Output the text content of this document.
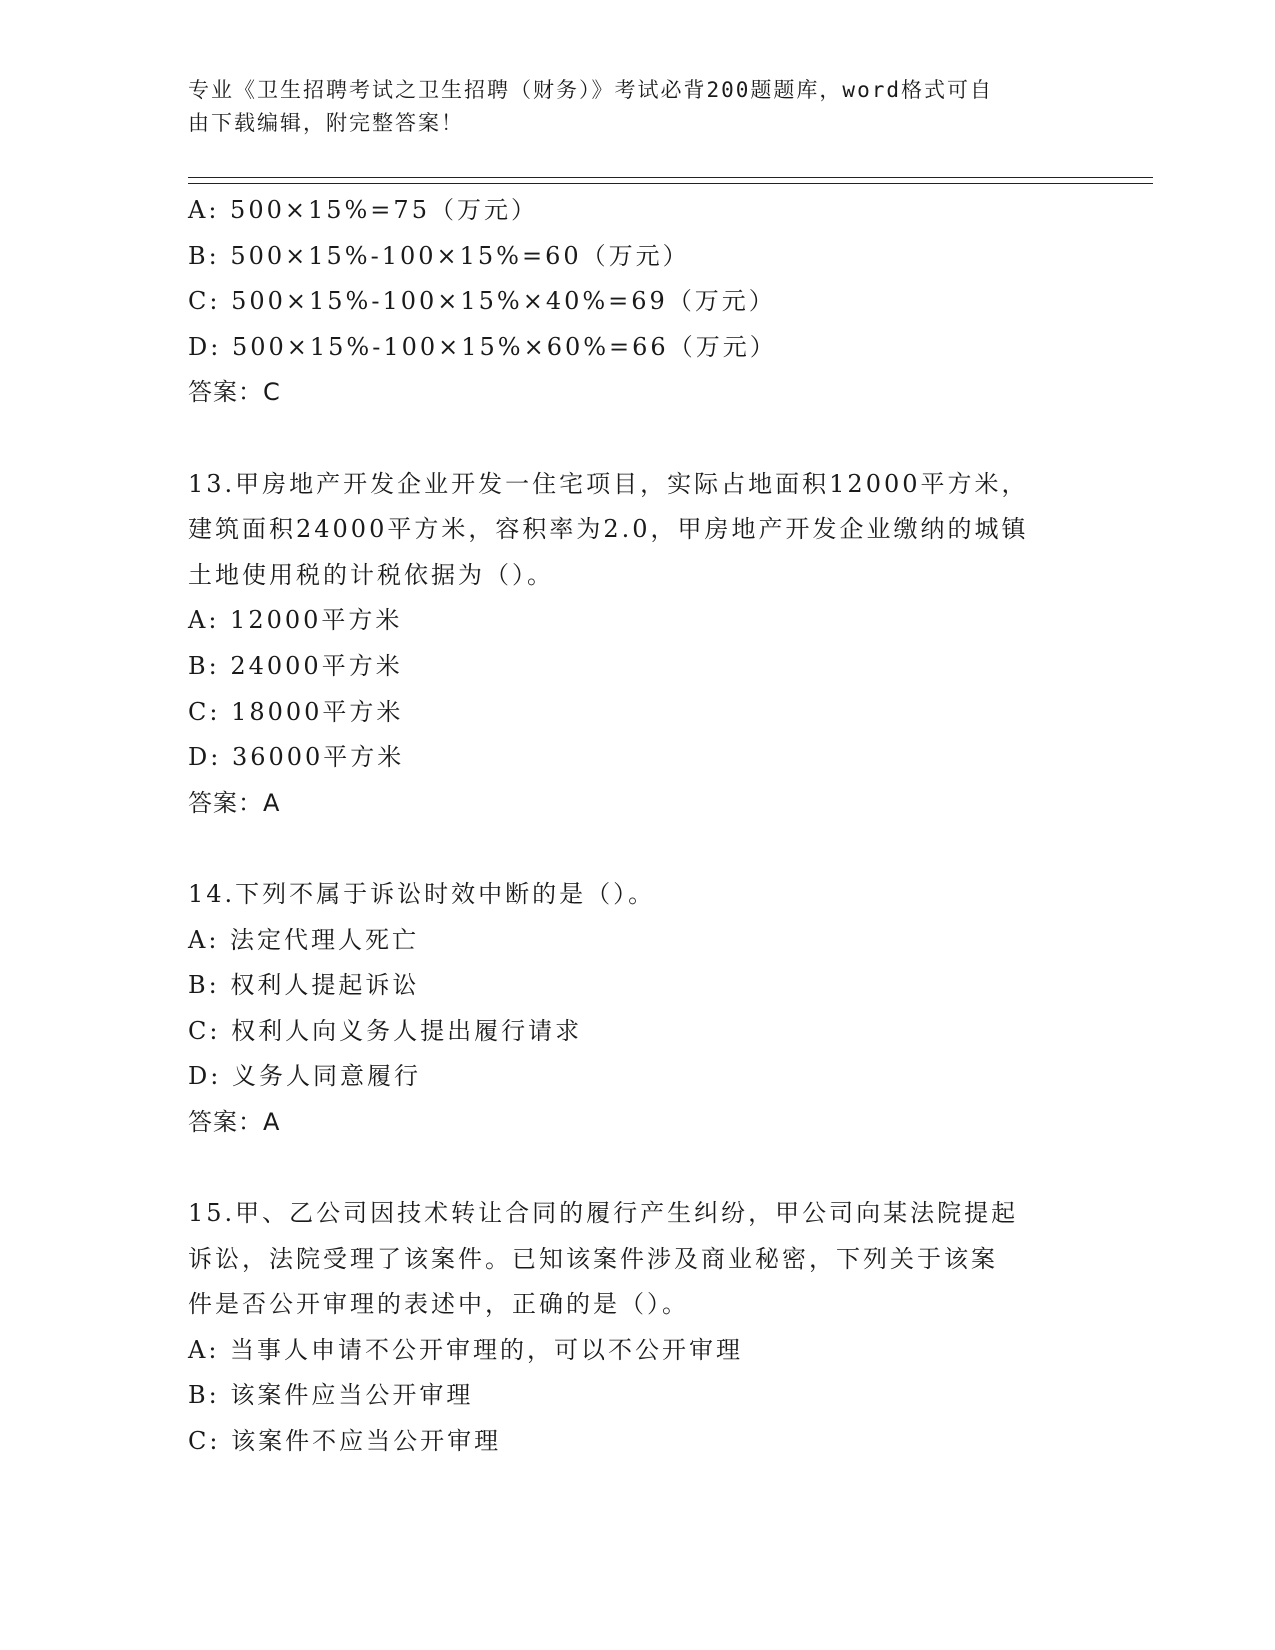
专业《卫生招聘考试之卫生招聘（财务）》考试必背200题题库，word格式可自
由下载编辑，附完整答案！
A: 500×15%=75（万元）
B: 500×15%-100×15%=60（万元）
C: 500×15%-100×15%×40%=69（万元）
D: 500×15%-100×15%×60%=66（万元）
答案：C
13.甲房地产开发企业开发一住宅项目，实际占地面积12000平方米，
建筑面积24000平方米，容积率为2.0，甲房地产开发企业缴纳的城镇
土地使用税的计税依据为（）。
A: 12000平方米
B: 24000平方米
C: 18000平方米
D: 36000平方米
答案：A
14.下列不属于诉讼时效中断的是（）。
A: 法定代理人死亡
B: 权利人提起诉讼
C: 权利人向义务人提出履行请求
D: 义务人同意履行
答案：A
15.甲、乙公司因技术转让合同的履行产生纠纷，甲公司向某法院提起
诉讼，法院受理了该案件。已知该案件涉及商业秘密，下列关于该案
件是否公开审理的表述中，正确的是（）。
A: 当事人申请不公开审理的，可以不公开审理
B: 该案件应当公开审理
C: 该案件不应当公开审理
